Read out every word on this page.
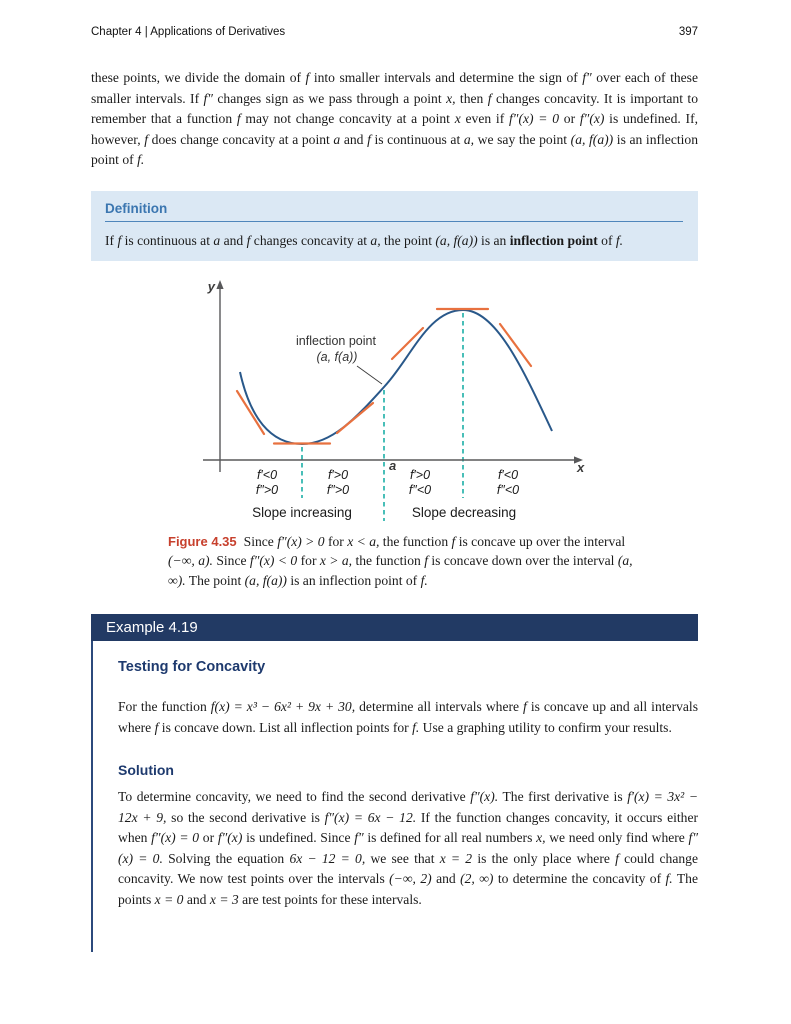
Chapter 4 | Applications of Derivatives	397

these points, we divide the domain of f into smaller intervals and determine the sign of f″ over each of these smaller intervals. If f″ changes sign as we pass through a point x, then f changes concavity. It is important to remember that a function f may not change concavity at a point x even if f″(x) = 0 or f″(x) is undefined. If, however, f does change concavity at a point a and f is continuous at a, we say the point (a, f(a)) is an inflection point of f.

Definition

If f is continuous at a and f changes concavity at a, the point (a, f(a)) is an inflection point of f.

y
x
inflection point
(a, f(a))
a
f′<0
f″>0
f′>0
f″>0
f′>0
f″<0
f′<0
f″<0
Slope increasing	Slope decreasing

Figure 4.35 Since f″(x) > 0 for x < a, the function f is concave up over the interval (−∞, a). Since f″(x) < 0 for x > a, the function f is concave down over the interval (a, ∞). The point (a, f(a)) is an inflection point of f.

Example 4.19
Testing for Concavity

For the function f(x) = x³ − 6x² + 9x + 30, determine all intervals where f is concave up and all intervals where f is concave down. List all inflection points for f. Use a graphing utility to confirm your results.

Solution

To determine concavity, we need to find the second derivative f″(x). The first derivative is f′(x) = 3x² − 12x + 9, so the second derivative is f″(x) = 6x − 12. If the function changes concavity, it occurs either when f″(x) = 0 or f″(x) is undefined. Since f″ is defined for all real numbers x, we need only find where f″(x) = 0. Solving the equation 6x − 12 = 0, we see that x = 2 is the only place where f could change concavity. We now test points over the intervals (−∞, 2) and (2, ∞) to determine the concavity of f. The points x = 0 and x = 3 are test points for these intervals.
